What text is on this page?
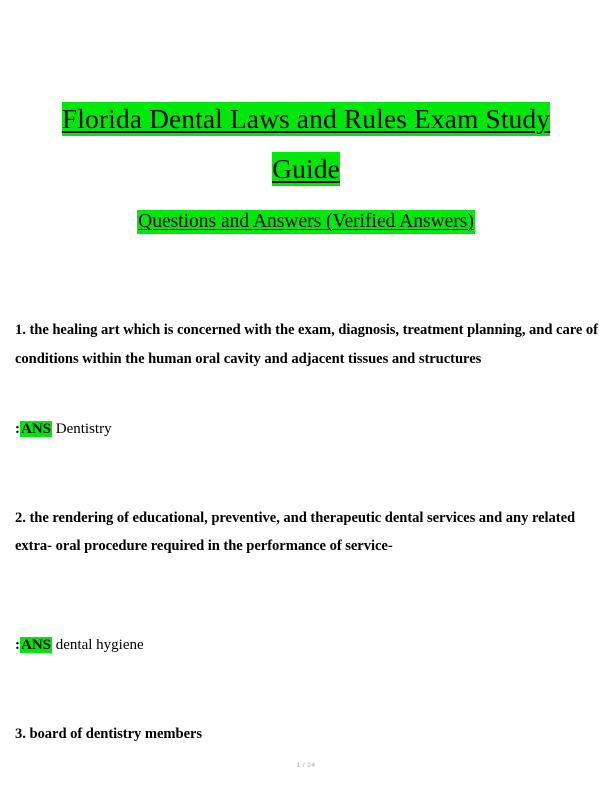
Florida Dental Laws and Rules Exam Study
Guide
Questions and Answers (Verified Answers)

1. the healing art which is concerned with the exam, diagnosis, treatment planning, and care of conditions within the human oral cavity and adjacent tissues and structures

:ANS Dentistry

2. the rendering of educational, preventive, and therapeutic dental services and any related extra- oral procedure required in the performance of service-

:ANS dental hygiene

3. board of dentistry members

1 / 24
